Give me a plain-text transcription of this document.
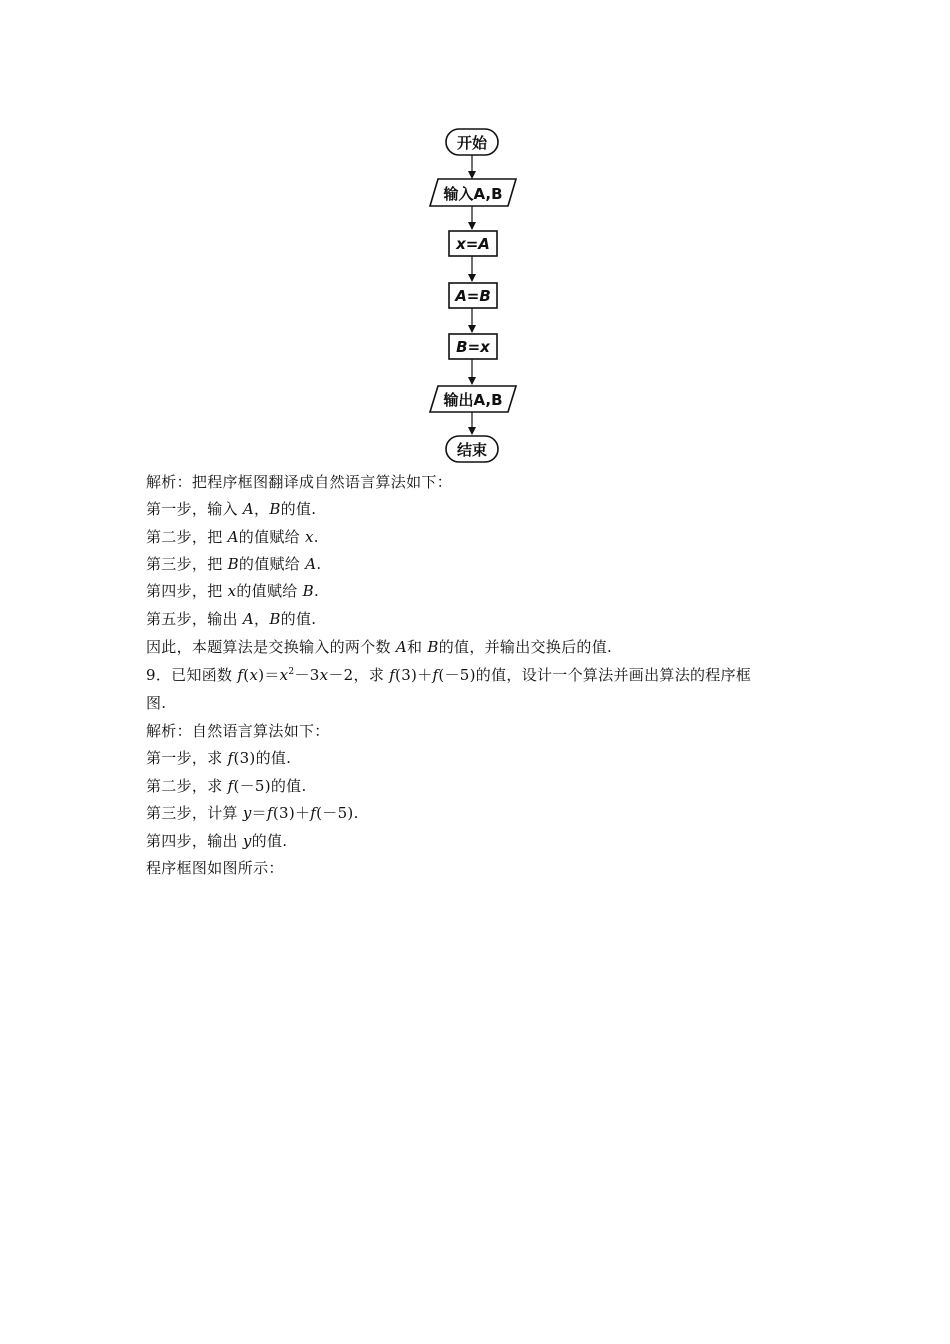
开始
输入A,B
x=A
A=B
B=x
输出A,B
结束
解析：把程序框图翻译成自然语言算法如下：
第一步，输入 A，B的值.
第二步，把 A的值赋给 x.
第三步，把 B的值赋给 A.
第四步，把 x的值赋给 B.
第五步，输出 A，B的值.
因此，本题算法是交换输入的两个数 A和 B的值，并输出交换后的值.
9．已知函数 $f(x)=x^2-3x-2$，求 f(3)＋f(－5)的值，设计一个算法并画出算法的程序框
图.
解析：自然语言算法如下：
第一步，求 f(3)的值.
第二步，求 f(－5)的值.
第三步，计算 y＝f(3)＋f(－5).
第四步，输出 y的值.
程序框图如图所示：
